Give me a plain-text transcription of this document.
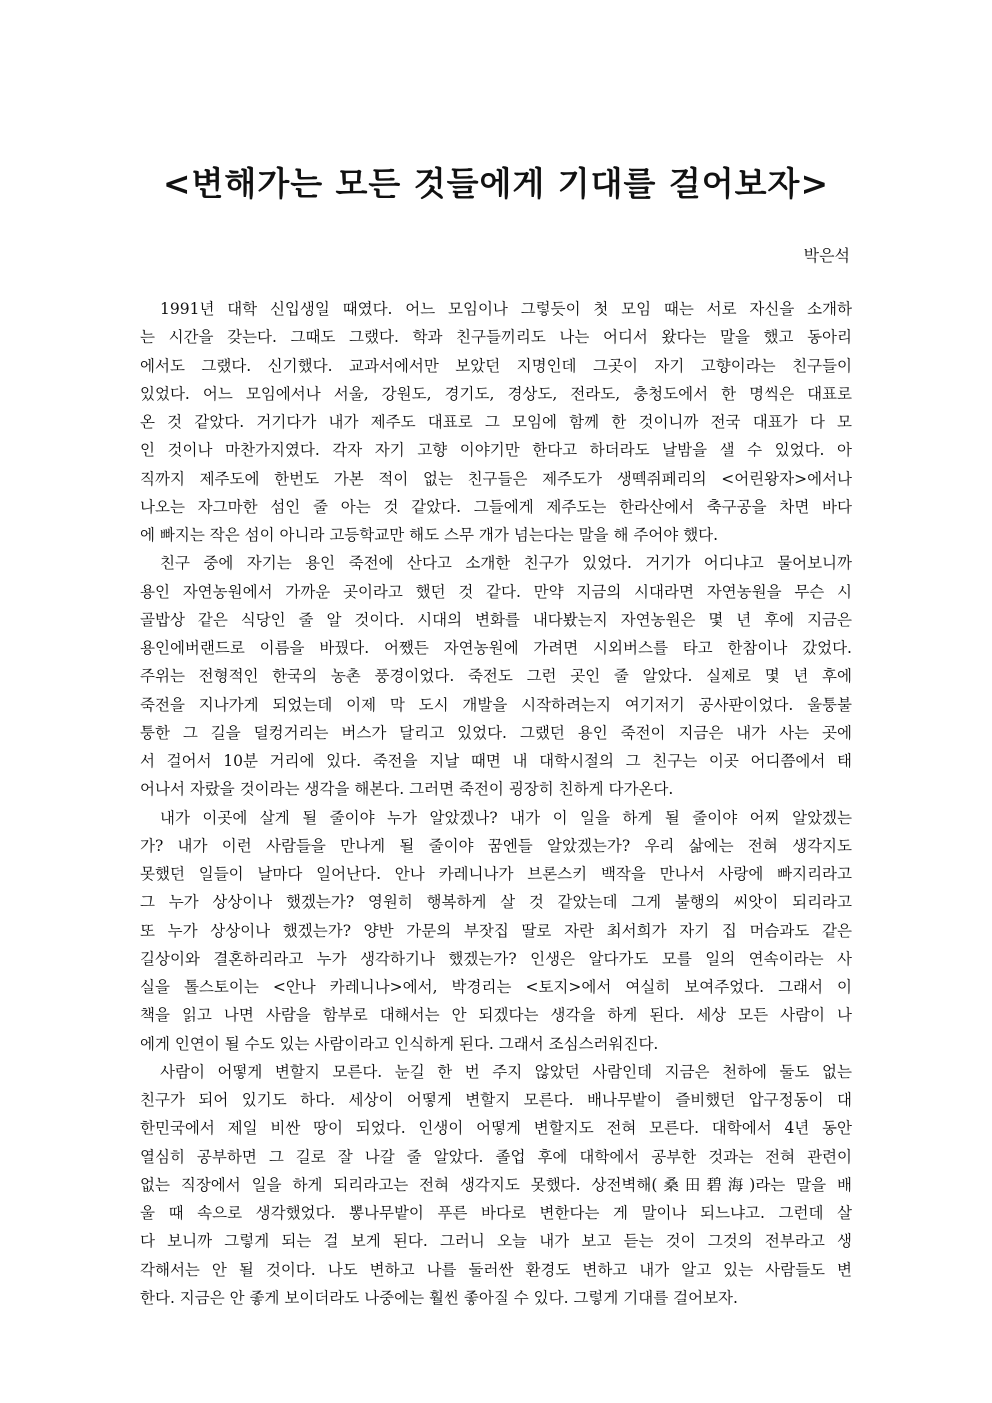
<변해가는 모든 것들에게 기대를 걸어보자>
박은석
1991년 대학 신입생일 때였다. 어느 모임이나 그렇듯이 첫 모임 때는 서로 자신을 소개하
는 시간을 갖는다. 그때도 그랬다. 학과 친구들끼리도 나는 어디서 왔다는 말을 했고 동아리
에서도 그랬다. 신기했다. 교과서에서만 보았던 지명인데 그곳이 자기 고향이라는 친구들이
있었다. 어느 모임에서나 서울, 강원도, 경기도, 경상도, 전라도, 충청도에서 한 명씩은 대표로
온 것 같았다. 거기다가 내가 제주도 대표로 그 모임에 함께 한 것이니까 전국 대표가 다 모
인 것이나 마찬가지였다. 각자 자기 고향 이야기만 한다고 하더라도 날밤을 샐 수 있었다. 아
직까지 제주도에 한번도 가본 적이 없는 친구들은 제주도가 생떽쥐페리의 <어린왕자>에서나
나오는 자그마한 섬인 줄 아는 것 같았다. 그들에게 제주도는 한라산에서 축구공을 차면 바다
에 빠지는 작은 섬이 아니라 고등학교만 해도 스무 개가 넘는다는 말을 해 주어야 했다.
친구 중에 자기는 용인 죽전에 산다고 소개한 친구가 있었다. 거기가 어디냐고 물어보니까
용인 자연농원에서 가까운 곳이라고 했던 것 같다. 만약 지금의 시대라면 자연농원을 무슨 시
골밥상 같은 식당인 줄 알 것이다. 시대의 변화를 내다봤는지 자연농원은 몇 년 후에 지금은
용인에버랜드로 이름을 바꿨다. 어쨌든 자연농원에 가려면 시외버스를 타고 한참이나 갔었다.
주위는 전형적인 한국의 농촌 풍경이었다. 죽전도 그런 곳인 줄 알았다. 실제로 몇 년 후에
죽전을 지나가게 되었는데 이제 막 도시 개발을 시작하려는지 여기저기 공사판이었다. 울퉁불
퉁한 그 길을 덜컹거리는 버스가 달리고 있었다. 그랬던 용인 죽전이 지금은 내가 사는 곳에
서 걸어서 10분 거리에 있다. 죽전을 지날 때면 내 대학시절의 그 친구는 이곳 어디쯤에서 태
어나서 자랐을 것이라는 생각을 해본다. 그러면 죽전이 굉장히 친하게 다가온다.
내가 이곳에 살게 될 줄이야 누가 알았겠나? 내가 이 일을 하게 될 줄이야 어찌 알았겠는
가? 내가 이런 사람들을 만나게 될 줄이야 꿈엔들 알았겠는가? 우리 삶에는 전혀 생각지도
못했던 일들이 날마다 일어난다. 안나 카레니나가 브론스키 백작을 만나서 사랑에 빠지리라고
그 누가 상상이나 했겠는가? 영원히 행복하게 살 것 같았는데 그게 불행의 씨앗이 되리라고
또 누가 상상이나 했겠는가? 양반 가문의 부잣집 딸로 자란 최서희가 자기 집 머슴과도 같은
길상이와 결혼하리라고 누가 생각하기나 했겠는가? 인생은 알다가도 모를 일의 연속이라는 사
실을 톨스토이는 <안나 카레니나>에서, 박경리는 <토지>에서 여실히 보여주었다. 그래서 이
책을 읽고 나면 사람을 함부로 대해서는 안 되겠다는 생각을 하게 된다. 세상 모든 사람이 나
에게 인연이 될 수도 있는 사람이라고 인식하게 된다. 그래서 조심스러워진다.
사람이 어떻게 변할지 모른다. 눈길 한 번 주지 않았던 사람인데 지금은 천하에 둘도 없는
친구가 되어 있기도 하다. 세상이 어떻게 변할지 모른다. 배나무밭이 즐비했던 압구정동이 대
한민국에서 제일 비싼 땅이 되었다. 인생이 어떻게 변할지도 전혀 모른다. 대학에서 4년 동안
열심히 공부하면 그 길로 잘 나갈 줄 알았다. 졸업 후에 대학에서 공부한 것과는 전혀 관련이
없는 직장에서 일을 하게 되리라고는 전혀 생각지도 못했다. 상전벽해(桑田碧海)라는 말을 배
울 때 속으로 생각했었다. 뽕나무밭이 푸른 바다로 변한다는 게 말이나 되느냐고. 그런데 살
다 보니까 그렇게 되는 걸 보게 된다. 그러니 오늘 내가 보고 듣는 것이 그것의 전부라고 생
각해서는 안 될 것이다. 나도 변하고 나를 둘러싼 환경도 변하고 내가 알고 있는 사람들도 변
한다. 지금은 안 좋게 보이더라도 나중에는 훨씬 좋아질 수 있다. 그렇게 기대를 걸어보자.
